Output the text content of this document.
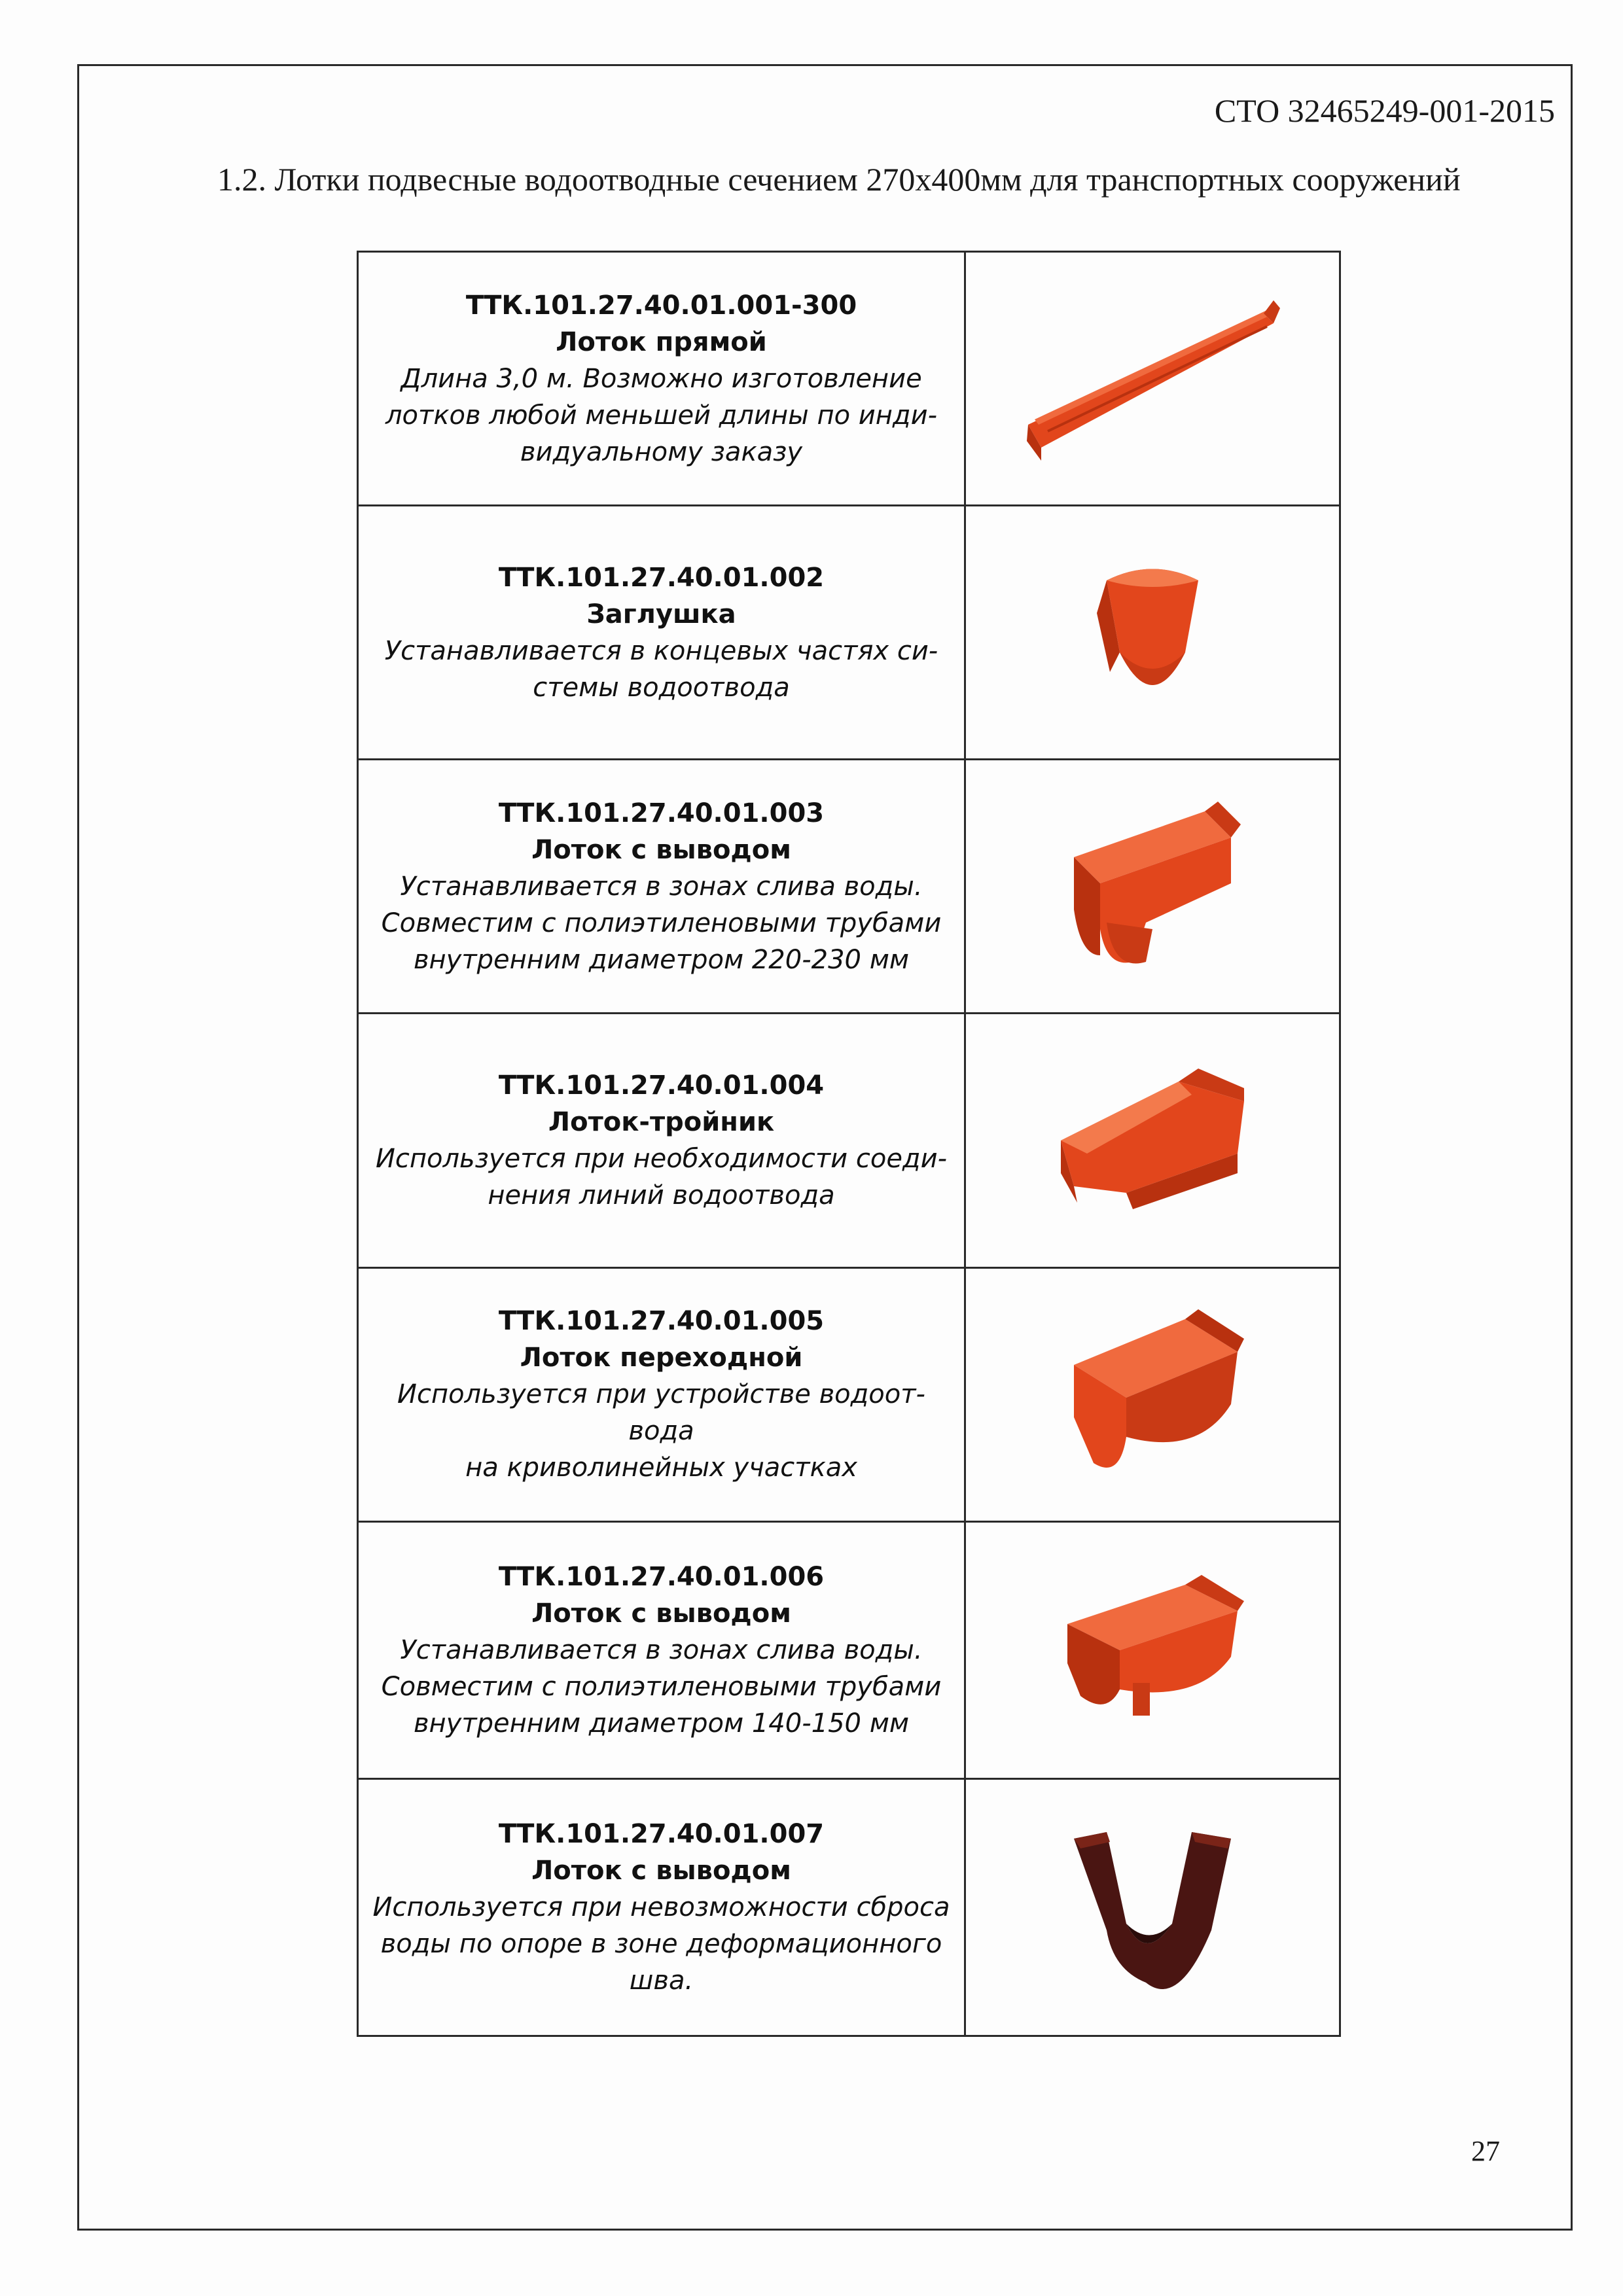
СТО 32465249-001-2015
1.2. Лотки подвесные водоотводные сечением 270х400мм для транспортных сооружений
ТТК.101.27.40.01.001-300
Лоток прямой
Длина 3,0 м. Возможно изготовление
лотков любой меньшей длины по инди-
видуальному заказу

ТТК.101.27.40.01.002
Заглушка
Устанавливается в концевых частях си-
стемы водоотвода

ТТК.101.27.40.01.003
Лоток с выводом
Устанавливается в зонах слива воды.
Совместим с полиэтиленовыми трубами
внутренним диаметром 220-230 мм

ТТК.101.27.40.01.004
Лоток-тройник
Используется при необходимости соеди-
нения линий водоотвода

ТТК.101.27.40.01.005
Лоток переходной
Используется при устройстве водоот-
вода
на криволинейных участках

ТТК.101.27.40.01.006
Лоток с выводом
Устанавливается в зонах слива воды.
Совместим с полиэтиленовыми трубами
внутренним диаметром 140-150 мм

ТТК.101.27.40.01.007
Лоток с выводом
Используется при невозможности сброса
воды по опоре в зоне деформационного
шва.

27
